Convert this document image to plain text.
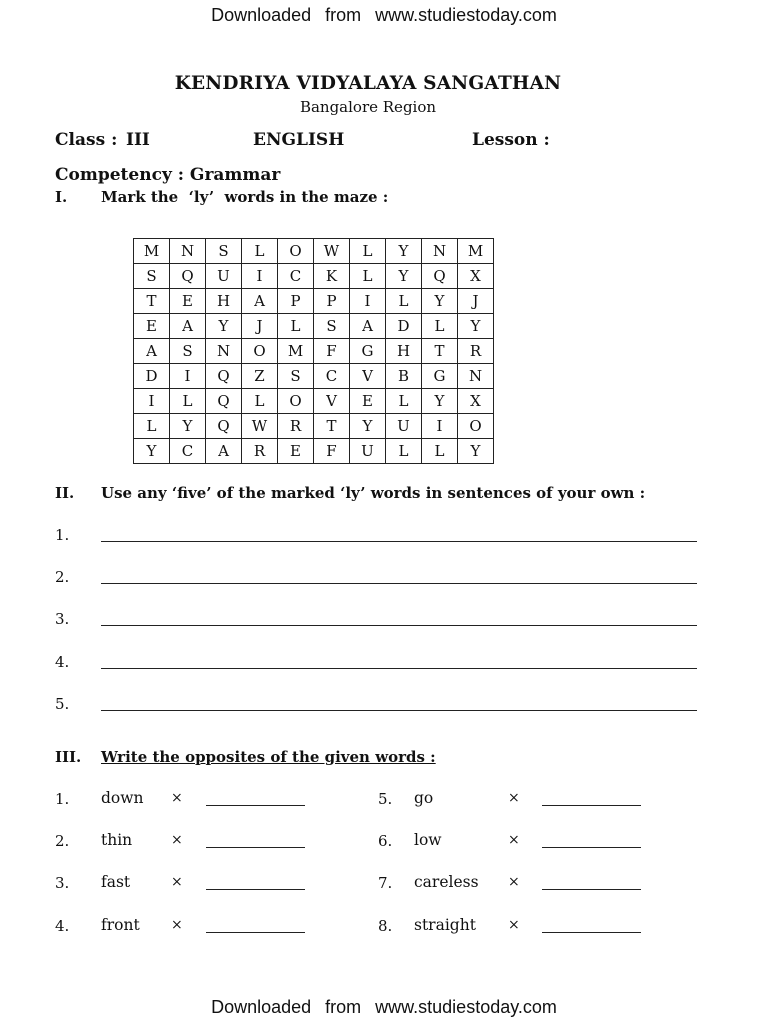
Downloaded from www.studiestoday.com
KENDRIYA VIDYALAYA SANGATHAN
Bangalore Region
Class : III	ENGLISH	Lesson :
Competency : Grammar
I. Mark the  ‘ly’  words in the maze :
M	N	S	L	O	W	L	Y	N	M
S	Q	U	I	C	K	L	Y	Q	X
T	E	H	A	P	P	I	L	Y	J
E	A	Y	J	L	S	A	D	L	Y
A	S	N	O	M	F	G	H	T	R
D	I	Q	Z	S	C	V	B	G	N
I	L	Q	L	O	V	E	L	Y	X
L	Y	Q	W	R	T	Y	U	I	O
Y	C	A	R	E	F	U	L	L	Y
II. Use any ‘five’ of the marked ‘ly’ words in sentences of your own :
1.
2.
3.
4.
5.
III. Write the opposites of the given words :
1. down ×
2. thin	×
3. fast	×
4. front ×
5. go	×
6. low	×
7. careless ×
8. straight ×
Downloaded from www.studiestoday.com
